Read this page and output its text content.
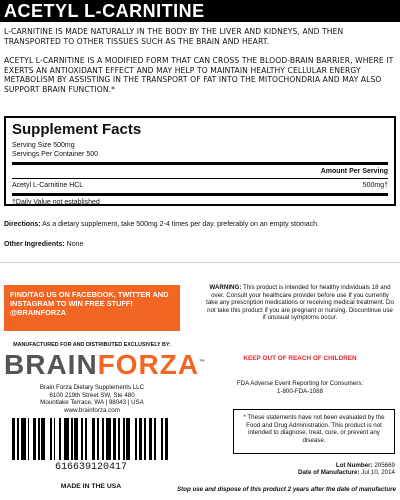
ACETYL L-CARNITINE
L-CARNITINE IS MADE NATURALLY IN THE BODY BY THE LIVER AND KIDNEYS, AND THEN TRANSPORTED TO OTHER TISSUES SUCH AS THE BRAIN AND HEART.
ACETYL L-CARNITINE IS A MODIFIED FORM THAT CAN CROSS THE BLOOD-BRAIN BARRIER, WHERE IT EXERTS AN ANTIOXIDANT EFFECT AND MAY HELP TO MAINTAIN HEALTHY CELLULAR ENERGY METABOLISM BY ASSISTING IN THE TRANSPORT OF FAT INTO THE MITOCHONDRIA AND MAY ALSO SUPPORT BRAIN FUNCTION.*
Supplement Facts
Serving Size 500mg
Servings Per Container 500
Amount Per Serving
Acetyl L-Carnitine HCL	500mg†
†Daily Value not established
Directions: As a dietary supplement, take 500mg 2-4 times per day. preferably on an empty stomach.
Other Ingredients: None
FIND/TAG US ON FACEBOOK, TWITTER AND
INSTAGRAM TO WIN FREE STUFF!
@BRAINFORZA
MANUFACTURED FOR AND DISTRIBUTED EXCLUSIVELY BY:
BRAINFORZA™
Brain Forza Dietary Supplements LLC
6100 219th Street SW, Ste 480
Mountlake Terrace, WA | 98043 | USA
www.brainforza.com
616639120417
MADE IN THE USA
WARNING: This product is intended for healthy individuals 18 and over. Consult your healthcare provider before use If you currently take any prescription medications or receiving medical treatment. Do not take this product if you are pregnant or nursing. Discontinue use if unusual symptoms occur.
KEEP OUT OF REACH OF CHILDREN
FDA Adverse Event Reporting for Consumers:
1-800-FDA-1088
* These statements have not been evaluated by the Food and Drug Administration. This product is not intended to diagnose, treat, cure, or prevent any disease.
Lot Number: 205669
Date of Manufacture: Jul 10, 2014
Stop use and dispose of this product 2 years after the date of manufacture
